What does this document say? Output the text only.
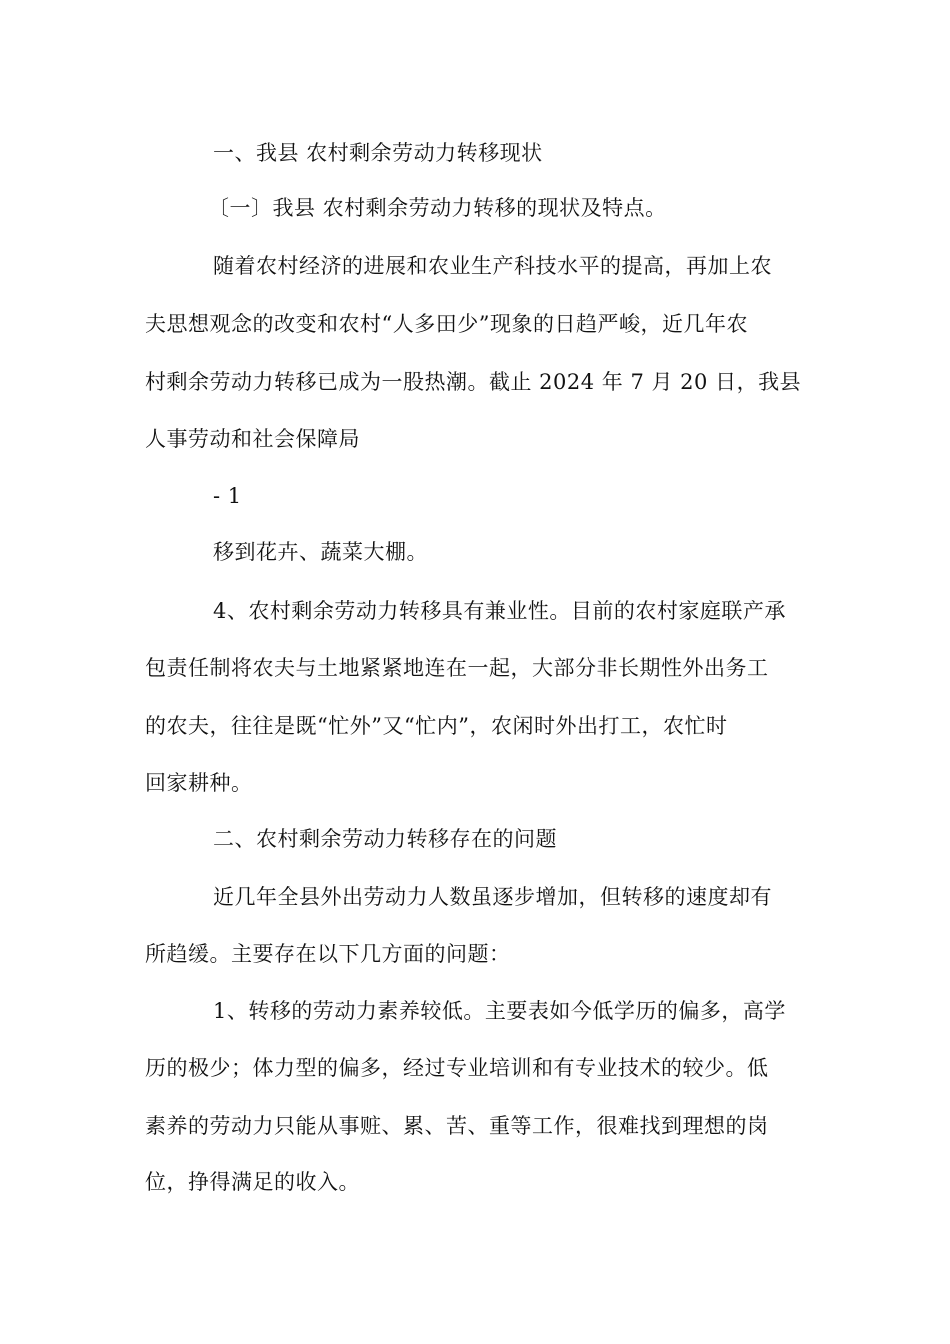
一、我县 农村剩余劳动力转移现状
〔一〕我县 农村剩余劳动力转移的现状及特点。
随着农村经济的进展和农业生产科技水平的提高，再加上农
夫思想观念的改变和农村“人多田少”现象的日趋严峻，近几年农
村剩余劳动力转移已成为一股热潮。截止 2024 年 7 月 20 日，我县
人事劳动和社会保障局
- 1
移到花卉、蔬菜大棚。
4、农村剩余劳动力转移具有兼业性。目前的农村家庭联产承
包责任制将农夫与土地紧紧地连在一起，大部分非长期性外出务工
的农夫，往往是既“忙外”又“忙内”，农闲时外出打工，农忙时
回家耕种。
二、农村剩余劳动力转移存在的问题
近几年全县外出劳动力人数虽逐步增加，但转移的速度却有
所趋缓。主要存在以下几方面的问题：
1、转移的劳动力素养较低。主要表如今低学历的偏多，高学
历的极少；体力型的偏多，经过专业培训和有专业技术的较少。低
素养的劳动力只能从事赃、累、苦、重等工作，很难找到理想的岗
位，挣得满足的收入。
